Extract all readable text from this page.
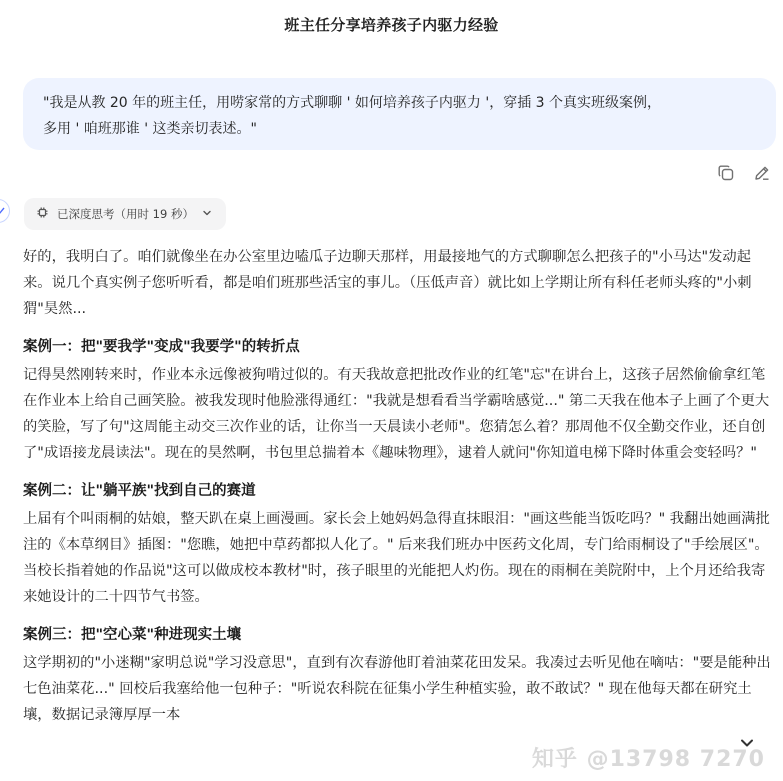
班主任分享培养孩子内驱力经验
"我是从教 20 年的班主任，用唠家常的方式聊聊 ' 如何培养孩子内驱力 '，穿插 3 个真实班级案例，
多用 ' 咱班那谁 ' 这类亲切表述。"
已深度思考（用时 19 秒）

好的，我明白了。咱们就像坐在办公室里边嗑瓜子边聊天那样，用最接地气的方式聊聊怎么把孩子的"小马达"发动起来。说几个真实例子您听听看，都是咱们班那些活宝的事儿。（压低声音）就比如上学期让所有科任老师头疼的"小刺猬"昊然...

案例一：把"要我学"变成"我要学"的转折点

记得昊然刚转来时，作业本永远像被狗啃过似的。有天我故意把批改作业的红笔"忘"在讲台上，这孩子居然偷偷拿红笔在作业本上给自己画笑脸。被我发现时他脸涨得通红："我就是想看看当学霸啥感觉..." 第二天我在他本子上画了个更大的笑脸，写了句"这周能主动交三次作业的话，让你当一天晨读小老师"。您猜怎么着？那周他不仅全勤交作业，还自创了"成语接龙晨读法"。现在的昊然啊，书包里总揣着本《趣味物理》，逮着人就问"你知道电梯下降时体重会变轻吗？"

案例二：让"躺平族"找到自己的赛道

上届有个叫雨桐的姑娘，整天趴在桌上画漫画。家长会上她妈妈急得直抹眼泪："画这些能当饭吃吗？" 我翻出她画满批注的《本草纲目》插图："您瞧，她把中草药都拟人化了。" 后来我们班办中医药文化周，专门给雨桐设了"手绘展区"。当校长指着她的作品说"这可以做成校本教材"时，孩子眼里的光能把人灼伤。现在的雨桐在美院附中，上个月还给我寄来她设计的二十四节气书签。

案例三：把"空心菜"种进现实土壤

这学期初的"小迷糊"家明总说"学习没意思"，直到有次春游他盯着油菜花田发呆。我凑过去听见他在嘀咕："要是能种出七色油菜花..." 回校后我塞给他一包种子："听说农科院在征集小学生种植实验，敢不敢试？" 现在他每天都在研究土壤，数据记录簿厚厚一本

知乎 @13798 7270
